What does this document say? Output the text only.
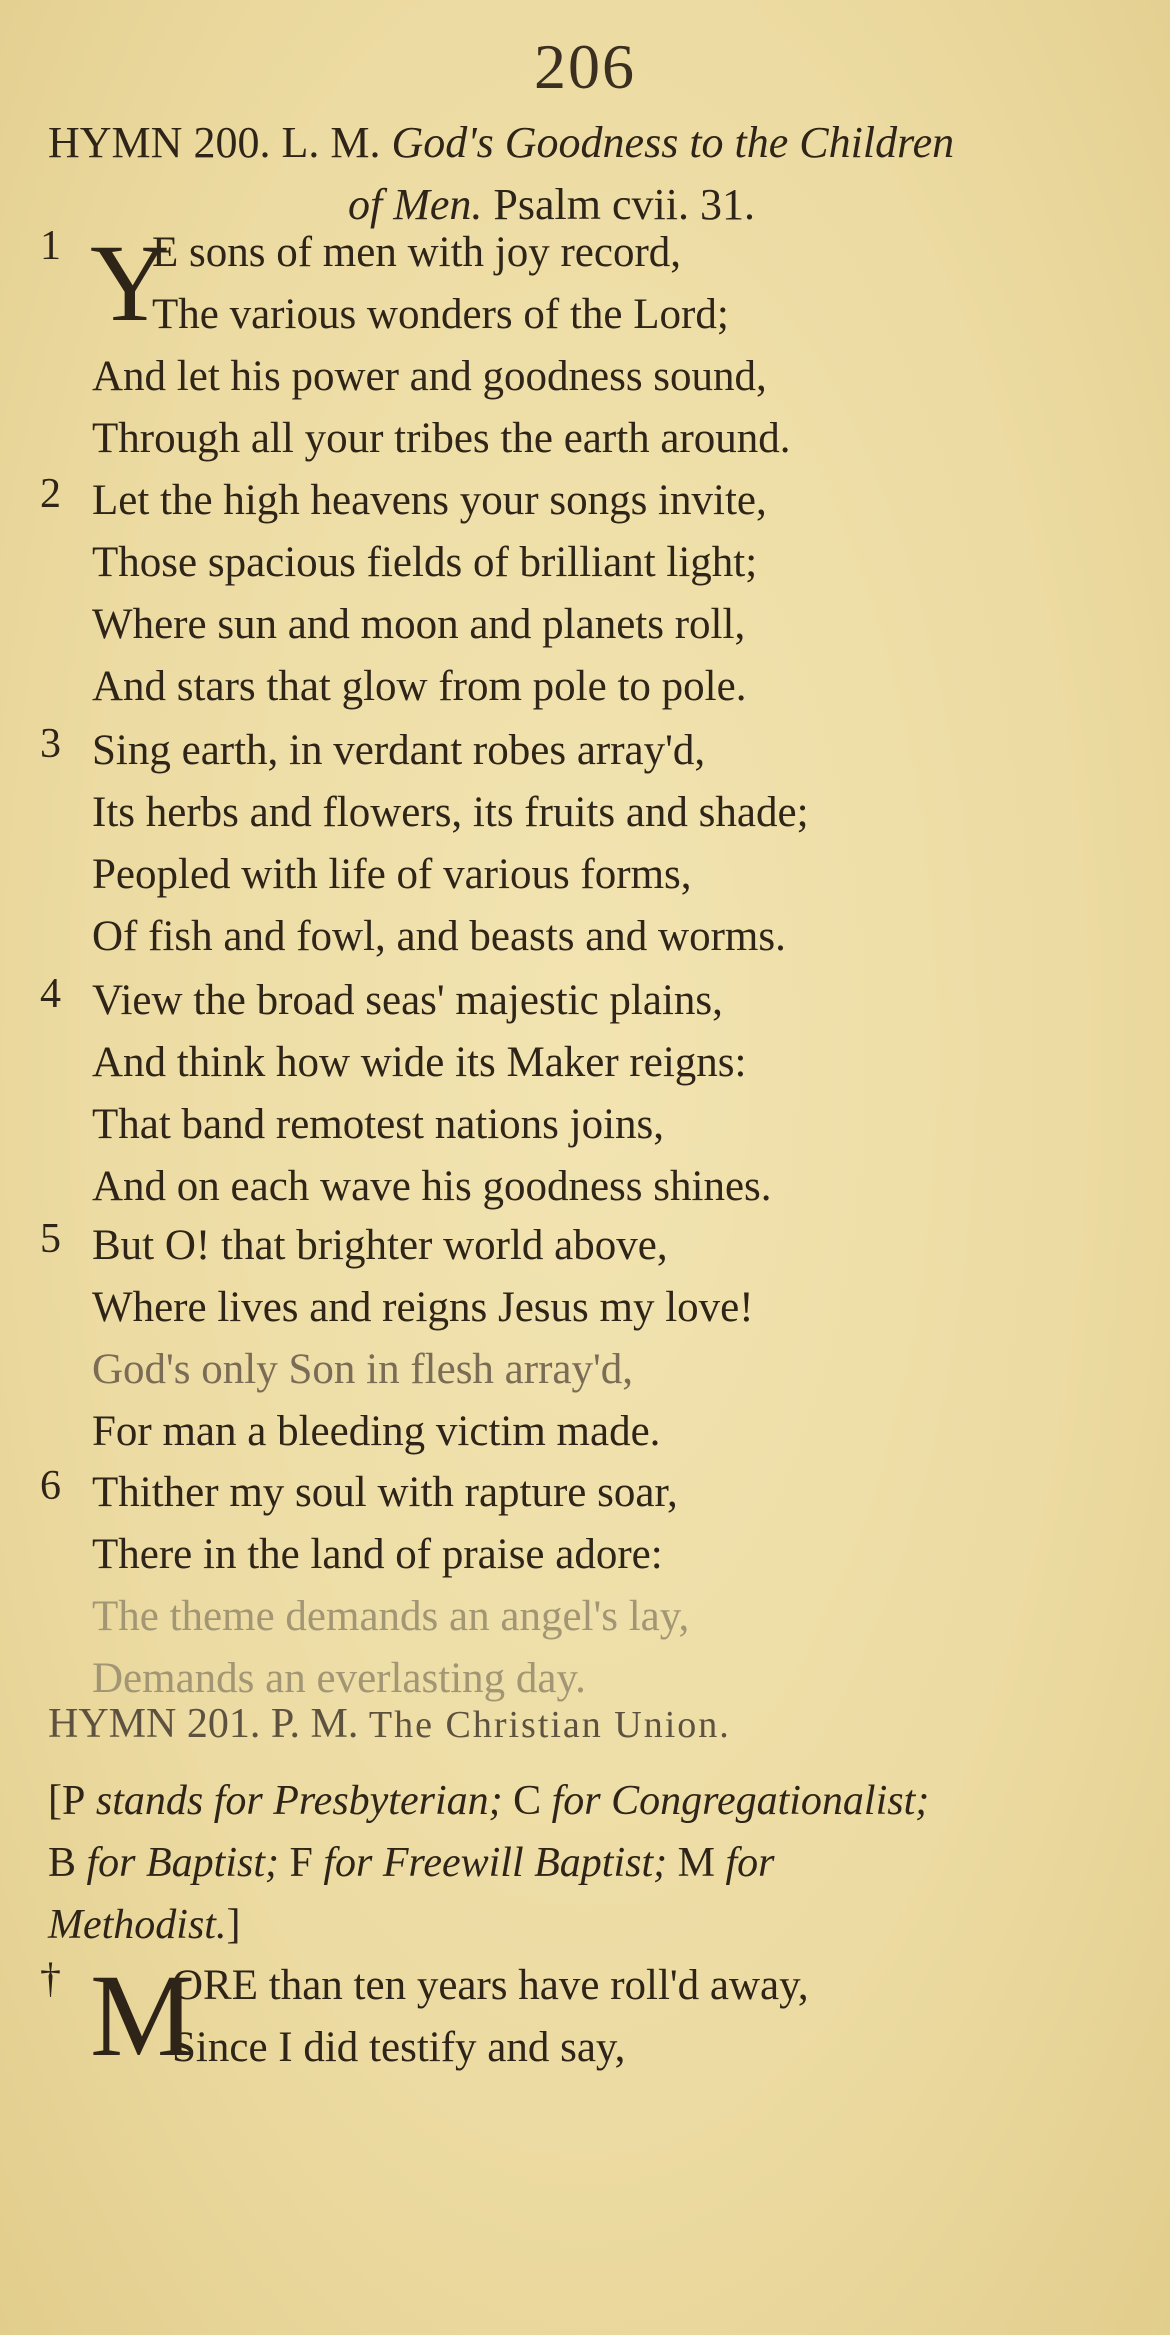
206
HYMN 200. L. M. God's Goodness to the Children
of Men. Psalm cvii. 31.
1 Y
E sons of men with joy record,
The various wonders of the Lord;
And let his power and goodness sound,
Through all your tribes the earth around.
2 Let the high heavens your songs invite,
Those spacious fields of brilliant light;
Where sun and moon and planets roll,
And stars that glow from pole to pole.
3 Sing earth, in verdant robes array'd,
Its herbs and flowers, its fruits and shade;
Peopled with life of various forms,
Of fish and fowl, and beasts and worms.
4 View the broad seas' majestic plains,
And think how wide its Maker reigns:
That band remotest nations joins,
And on each wave his goodness shines.
5 But O! that brighter world above,
Where lives and reigns Jesus my love!
God's only Son in flesh array'd,
For man a bleeding victim made.
6 Thither my soul with rapture soar,
There in the land of praise adore:
The theme demands an angel's lay,
Demands an everlasting day.
HYMN 201. P. M. The Christian Union.
[P stands for Presbyterian; C for Congregationalist;
B for Baptist; F for Freewill Baptist; M for
Methodist.]
† M
ORE than ten years have roll'd away,
Since I did testify and say,
